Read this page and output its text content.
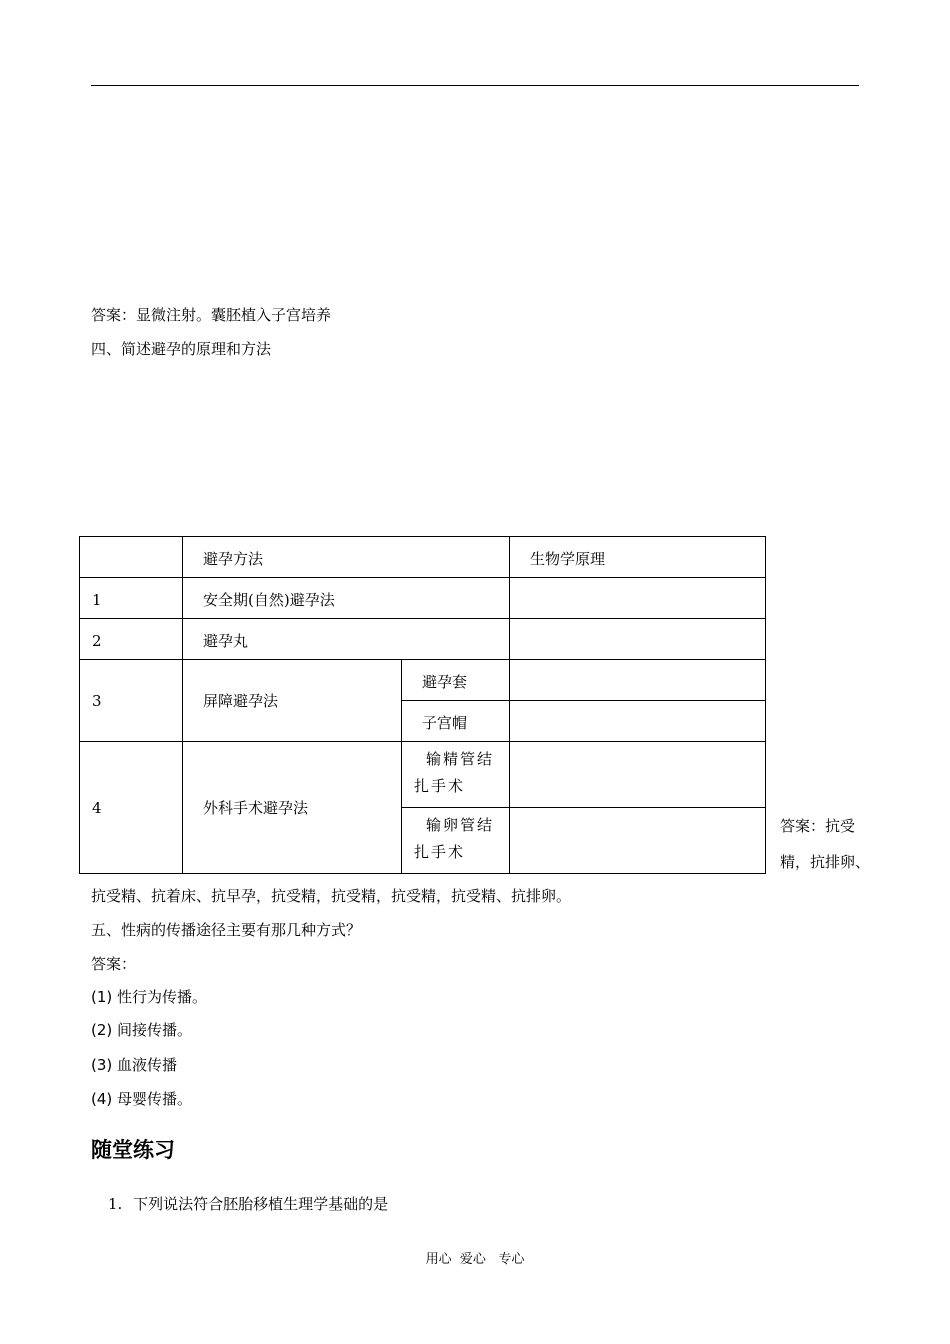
答案：显微注射。囊胚植入子宫培养
四、简述避孕的原理和方法

	避孕方法		生物学原理

1	安全期(自然)避孕法		

2	避孕丸		

3	屏障避孕法	避孕套	

		子宫帽	

4	外科手术避孕法	输精管结扎手术	

		输卵管结扎手术	

答案：抗受精，抗排卵、
抗受精、抗着床、抗早孕，抗受精，抗受精，抗受精，抗受精、抗排卵。
五、性病的传播途径主要有那几种方式？
答案：
(1) 性行为传播。
(2) 间接传播。
(3) 血液传播
(4) 母婴传播。
随堂练习
1. 下列说法符合胚胎移植生理学基础的是
用心  爱心   专心
